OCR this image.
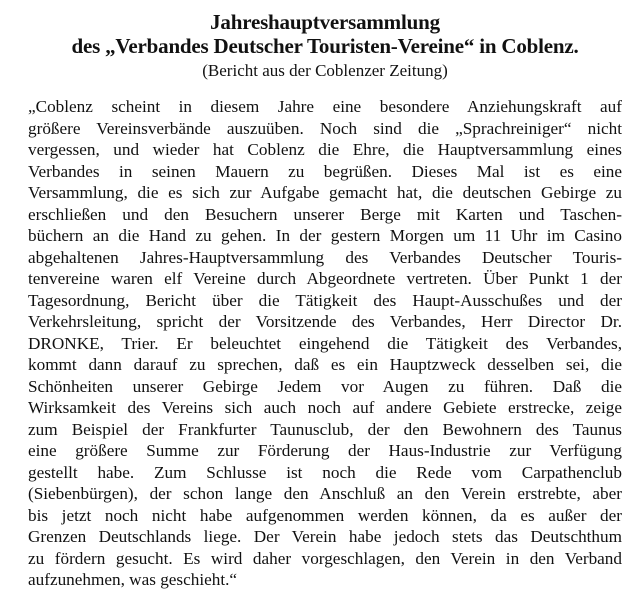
Jahreshauptversammlung
des „Verbandes Deutscher Touristen-Vereine“ in Coblenz.
(Bericht aus der Coblenzer Zeitung)
„Coblenz scheint in diesem Jahre eine besondere Anziehungskraft auf
größere Vereinsverbände auszuüben. Noch sind die „Sprachreiniger“ nicht
vergessen, und wieder hat Coblenz die Ehre, die Hauptversammlung eines
Verbandes in seinen Mauern zu begrüßen. Dieses Mal ist es eine
Versammlung, die es sich zur Aufgabe gemacht hat, die deutschen Gebirge zu
erschließen und den Besuchern unserer Berge mit Karten und Taschen-
büchern an die Hand zu gehen. In der gestern Morgen um 11 Uhr im Casino
abgehaltenen Jahres-Hauptversammlung des Verbandes Deutscher Touris-
tenvereine waren elf Vereine durch Abgeordnete vertreten. Über Punkt 1 der
Tagesordnung, Bericht über die Tätigkeit des Haupt-Ausschußes und der
Verkehrsleitung, spricht der Vorsitzende des Verbandes, Herr Director Dr.
DRONKE, Trier. Er beleuchtet eingehend die Tätigkeit des Verbandes,
kommt dann darauf zu sprechen, daß es ein Hauptzweck desselben sei, die
Schönheiten unserer Gebirge Jedem vor Augen zu führen. Daß die
Wirksamkeit des Vereins sich auch noch auf andere Gebiete erstrecke, zeige
zum Beispiel der Frankfurter Taunusclub, der den Bewohnern des Taunus
eine größere Summe zur Förderung der Haus-Industrie zur Verfügung
gestellt habe. Zum Schlusse ist noch die Rede vom Carpathenclub
(Siebenbürgen), der schon lange den Anschluß an den Verein erstrebte, aber
bis jetzt noch nicht habe aufgenommen werden können, da es außer der
Grenzen Deutschlands liege. Der Verein habe jedoch stets das Deutschthum
zu fördern gesucht. Es wird daher vorgeschlagen, den Verein in den Verband
aufzunehmen, was geschieht.“
